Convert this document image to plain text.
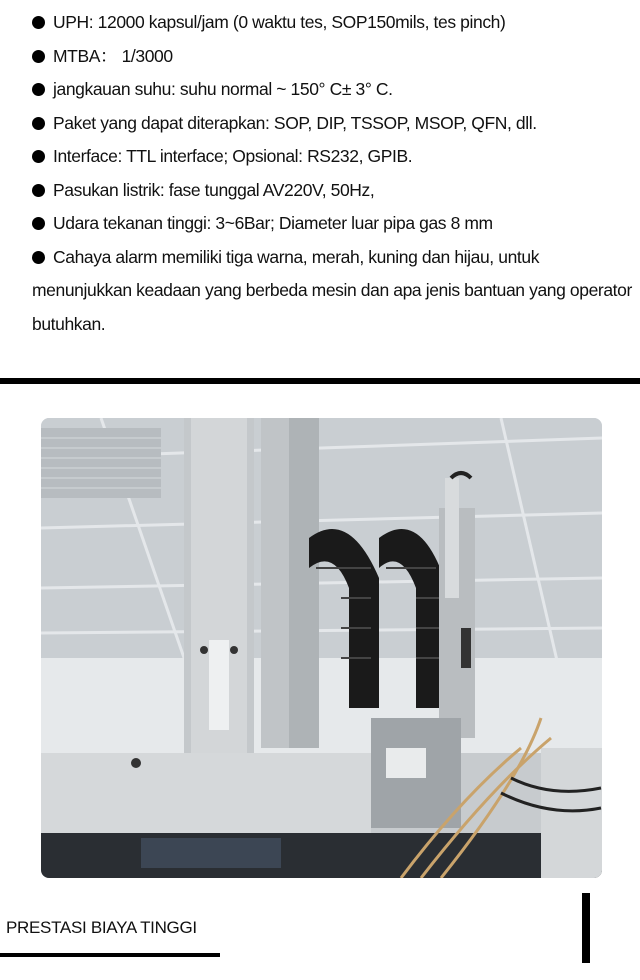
UPH: 12000 kapsul/jam (0 waktu tes, SOP150mils, tes pinch)
MTBA： 1/3000
jangkauan suhu: suhu normal ~ 150° C± 3° C.
Paket yang dapat diterapkan: SOP, DIP, TSSOP, MSOP, QFN, dll.
Interface: TTL interface; Opsional: RS232, GPIB.
Pasukan listrik: fase tunggal AV220V, 50Hz,
Udara tekanan tinggi: 3~6Bar; Diameter luar pipa gas 8 mm
Cahaya alarm memiliki tiga warna, merah, kuning dan hijau, untuk menunjukkan keadaan yang berbeda mesin dan apa jenis bantuan yang operator butuhkan.
PRESTASI BIAYA TINGGI
